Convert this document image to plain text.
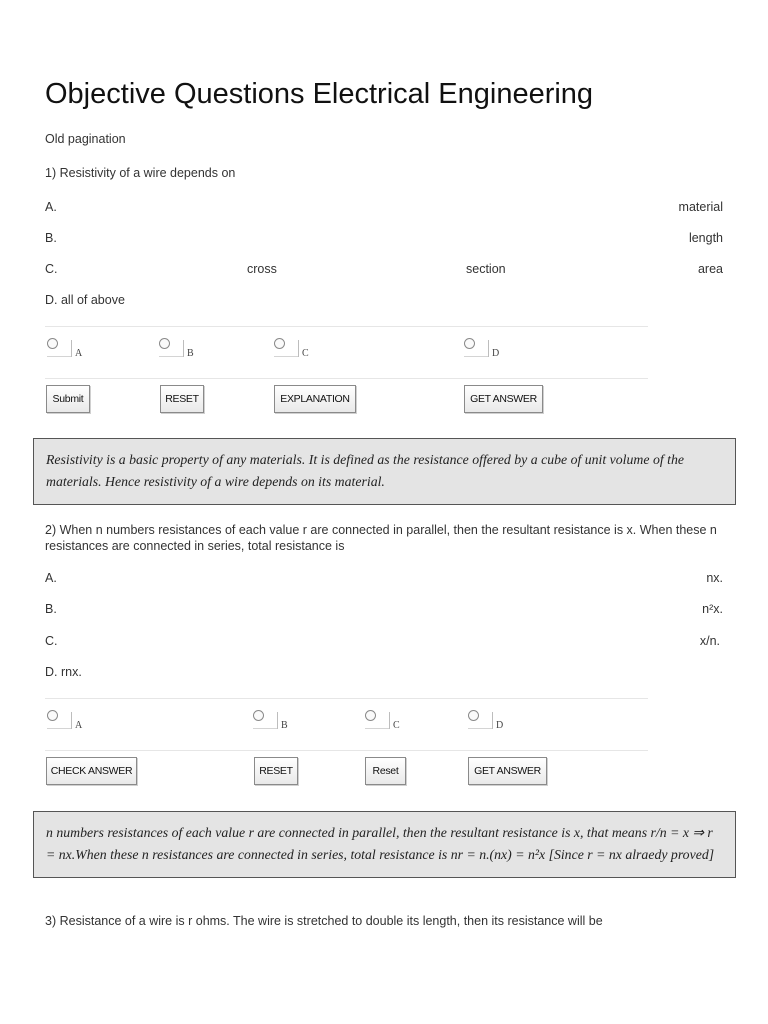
Objective Questions Electrical Engineering
Old pagination
1) Resistivity of a wire depends on
A.	material
B.	length
C.	cross	section	area
D. all of above
A	B	C	D
Submit	RESET	EXPLANATION	GET ANSWER
Resistivity is a basic property of any materials. It is defined as the resistance offered by a cube of unit volume of the materials. Hence resistivity of a wire depends on its material.
2) When n numbers resistances of each value r are connected in parallel, then the resultant resistance is x. When these n resistances are connected in series, total resistance is
A.	nx.
B.	n²x.
C.	x/n.
D. rnx.
A	B	C	D
CHECK ANSWER	RESET	Reset	GET ANSWER
n numbers resistances of each value r are connected in parallel, then the resultant resistance is x, that means r/n = x ⇒ r = nx.When these n resistances are connected in series, total resistance is nr = n.(nx) = n²x [Since r = nx alraedy proved]
3) Resistance of a wire is r ohms. The wire is stretched to double its length, then its resistance will be
